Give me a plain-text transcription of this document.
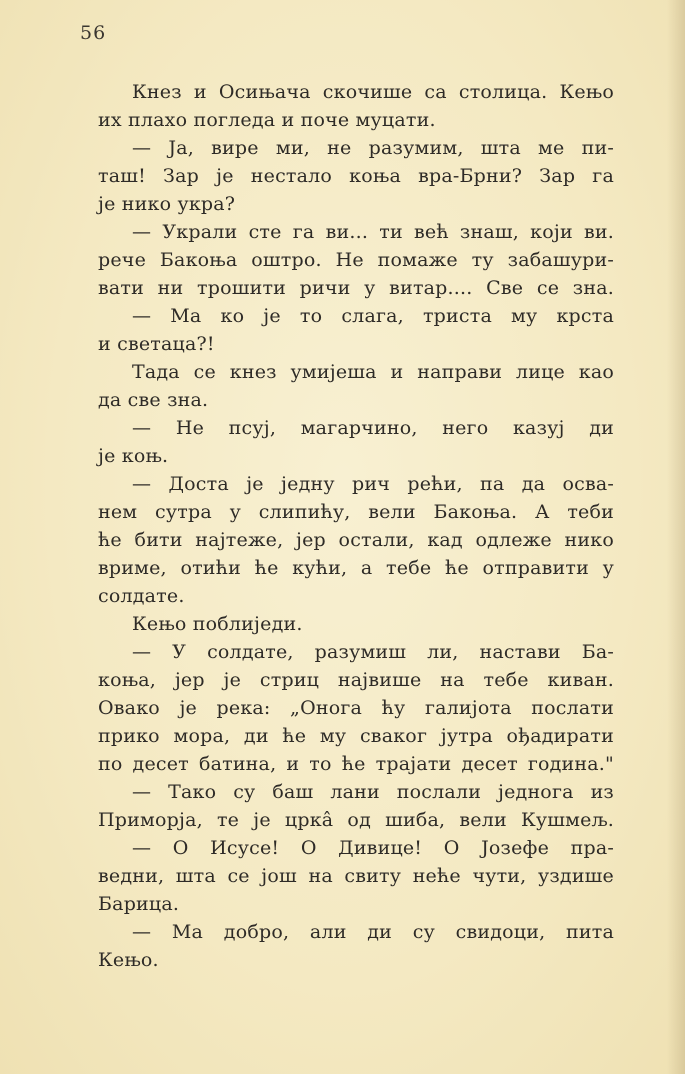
56
Кнез и Осињача скочише са столица. Кењо
их плахо погледа и поче муцати.
— Ја, вире ми, не разумим, шта ме пи-
таш! Зар је нестало коња вра-Брни? Зар га
је нико укра?
— Украли сте га ви... ти већ знаш, који ви.
рече Бакоња оштро. Не помаже ту забашури-
вати ни трошити ричи у витар.... Све се зна.
— Ма ко је то слага, триста му крста
и светаца?!
Тада се кнез умијеша и направи лице као
да све зна.
— Не псуј, магарчино, него казуј ди
је коњ.
— Доста је једну рич рећи, па да осва-
нем сутра у слипићу, вели Бакоња. А теби
ће бити најтеже, јер остали, кад одлеже нико
вриме, отићи ће кући, а тебе ће отправити у
солдате.
Кењо поблиједи.
— У солдате, разумиш ли, настави Ба-
коња, јер је стриц највише на тебе киван.
Овако је река: „Онога ћу галијота послати
прико мора, ди ће му сваког јутра ођадирати
по десет батина, и то ће трајати десет година."
— Тако су баш лани послали једнога из
Приморја, те је цркâ од шиба, вели Кушмељ.
— О Исусе! О Дивице! О Јозефе пра-
ведни, шта се још на свиту неће чути, уздише
Барица.
— Ма добро, али ди су свидоци, пита
Кењо.
